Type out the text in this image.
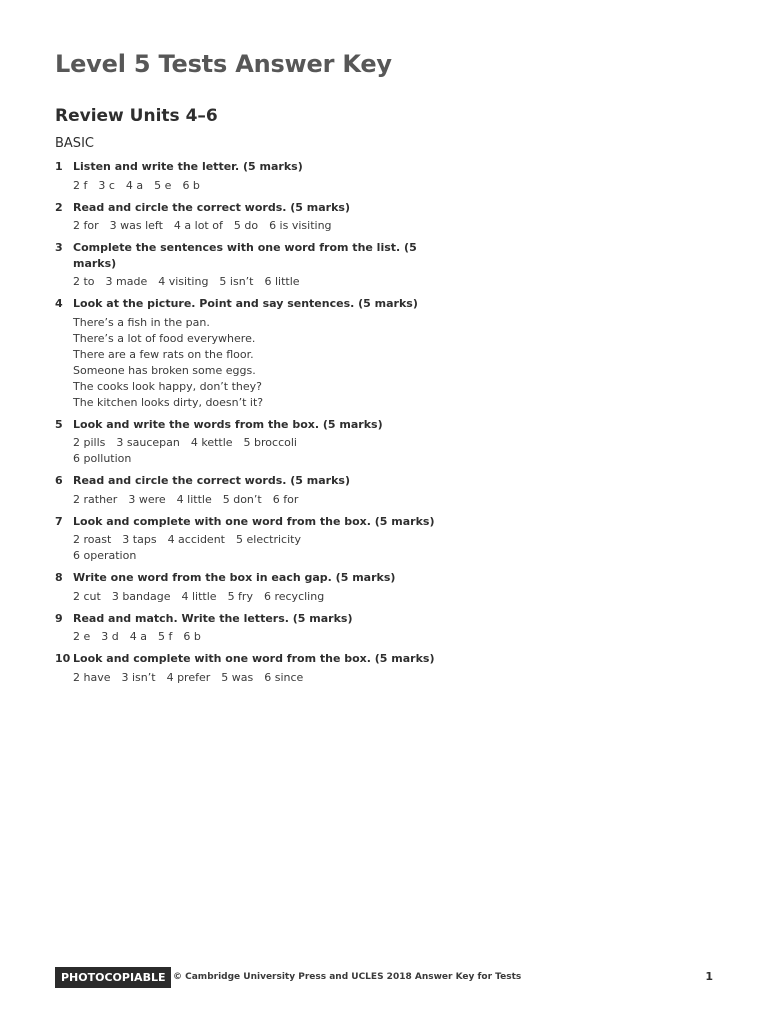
Level 5 Tests Answer Key
Review Units 4–6
BASIC
1 Listen and write the letter. (5 marks)
2 f 3 c 4 a 5 e 6 b
2 Read and circle the correct words. (5 marks)
2 for 3 was left 4 a lot of 5 do 6 is visiting
3 Complete the sentences with one word from the list. (5 marks)
2 to 3 made 4 visiting 5 isn’t 6 little
4 Look at the picture. Point and say sentences. (5 marks)
There’s a fish in the pan.
There’s a lot of food everywhere.
There are a few rats on the floor.
Someone has broken some eggs.
The cooks look happy, don’t they?
The kitchen looks dirty, doesn’t it?
5 Look and write the words from the box. (5 marks)
2 pills 3 saucepan 4 kettle 5 broccoli
6 pollution
6 Read and circle the correct words. (5 marks)
2 rather 3 were 4 little 5 don’t 6 for
7 Look and complete with one word from the box. (5 marks)
2 roast 3 taps 4 accident 5 electricity
6 operation
8 Write one word from the box in each gap. (5 marks)
2 cut 3 bandage 4 little 5 fry 6 recycling
9 Read and match. Write the letters. (5 marks)
2 e 3 d 4 a 5 f 6 b
10 Look and complete with one word from the box. (5 marks)
2 have 3 isn’t 4 prefer 5 was 6 since
PHOTOCOPIABLE © Cambridge University Press and UCLES 2018 Answer Key for Tests	1
